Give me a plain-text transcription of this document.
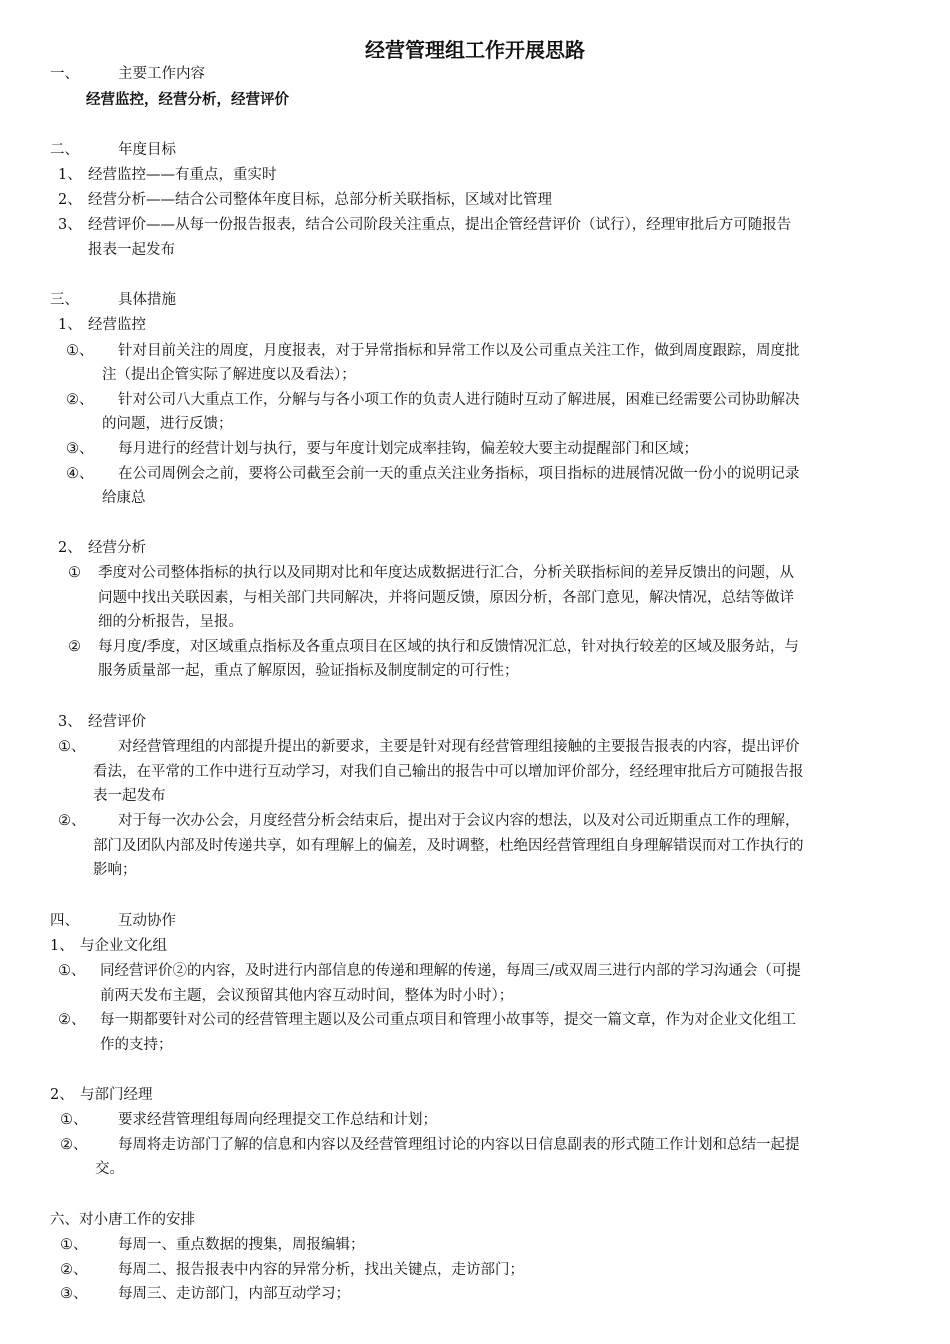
经营管理组工作开展思路
一、	主要工作内容
经营监控，经营分析，经营评价
二、	年度目标
1、 经营监控——有重点，重实时
2、 经营分析——结合公司整体年度目标，总部分析关联指标，区域对比管理
3、 经营评价——从每一份报告报表，结合公司阶段关注重点，提出企管经营评价（试行），经理审批后方可随报告
报表一起发布
三、	具体措施
1、 经营监控
①、 针对目前关注的周度，月度报表，对于异常指标和异常工作以及公司重点关注工作，做到周度跟踪，周度批
注（提出企管实际了解进度以及看法）；
②、 针对公司八大重点工作，分解与与各小项工作的负责人进行随时互动了解进展，困难已经需要公司协助解决
的问题，进行反馈；
③、 每月进行的经营计划与执行，要与年度计划完成率挂钩，偏差较大要主动提醒部门和区域；
④、 在公司周例会之前，要将公司截至会前一天的重点关注业务指标，项目指标的进展情况做一份小的说明记录
给康总
2、 经营分析
① 季度对公司整体指标的执行以及同期对比和年度达成数据进行汇合，分析关联指标间的差异反馈出的问题，从
问题中找出关联因素，与相关部门共同解决，并将问题反馈，原因分析，各部门意见，解决情况，总结等做详
细的分析报告，呈报。
② 每月度/季度，对区域重点指标及各重点项目在区域的执行和反馈情况汇总，针对执行较差的区域及服务站，与
服务质量部一起，重点了解原因，验证指标及制度制定的可行性；
3、 经营评价
①、 对经营管理组的内部提升提出的新要求，主要是针对现有经营管理组接触的主要报告报表的内容，提出评价
看法，在平常的工作中进行互动学习，对我们自己输出的报告中可以增加评价部分，经经理审批后方可随报告报
表一起发布
②、 对于每一次办公会，月度经营分析会结束后，提出对于会议内容的想法，以及对公司近期重点工作的理解，
部门及团队内部及时传递共享，如有理解上的偏差，及时调整，杜绝因经营管理组自身理解错误而对工作执行的
影响；
四、	互动协作
1、 与企业文化组
①、 同经营评价②的内容，及时进行内部信息的传递和理解的传递，每周三/或双周三进行内部的学习沟通会（可提
前两天发布主题，会议预留其他内容互动时间，整体为时小时）；
②、 每一期都要针对公司的经营管理主题以及公司重点项目和管理小故事等，提交一篇文章，作为对企业文化组工
作的支持；
2、 与部门经理
①、 要求经营管理组每周向经理提交工作总结和计划；
②、 每周将走访部门了解的信息和内容以及经营管理组讨论的内容以日信息副表的形式随工作计划和总结一起提
交。
六、对小唐工作的安排
①、 每周一、重点数据的搜集，周报编辑；
②、 每周二、报告报表中内容的异常分析，找出关键点，走访部门；
③、 每周三、走访部门，内部互动学习；
